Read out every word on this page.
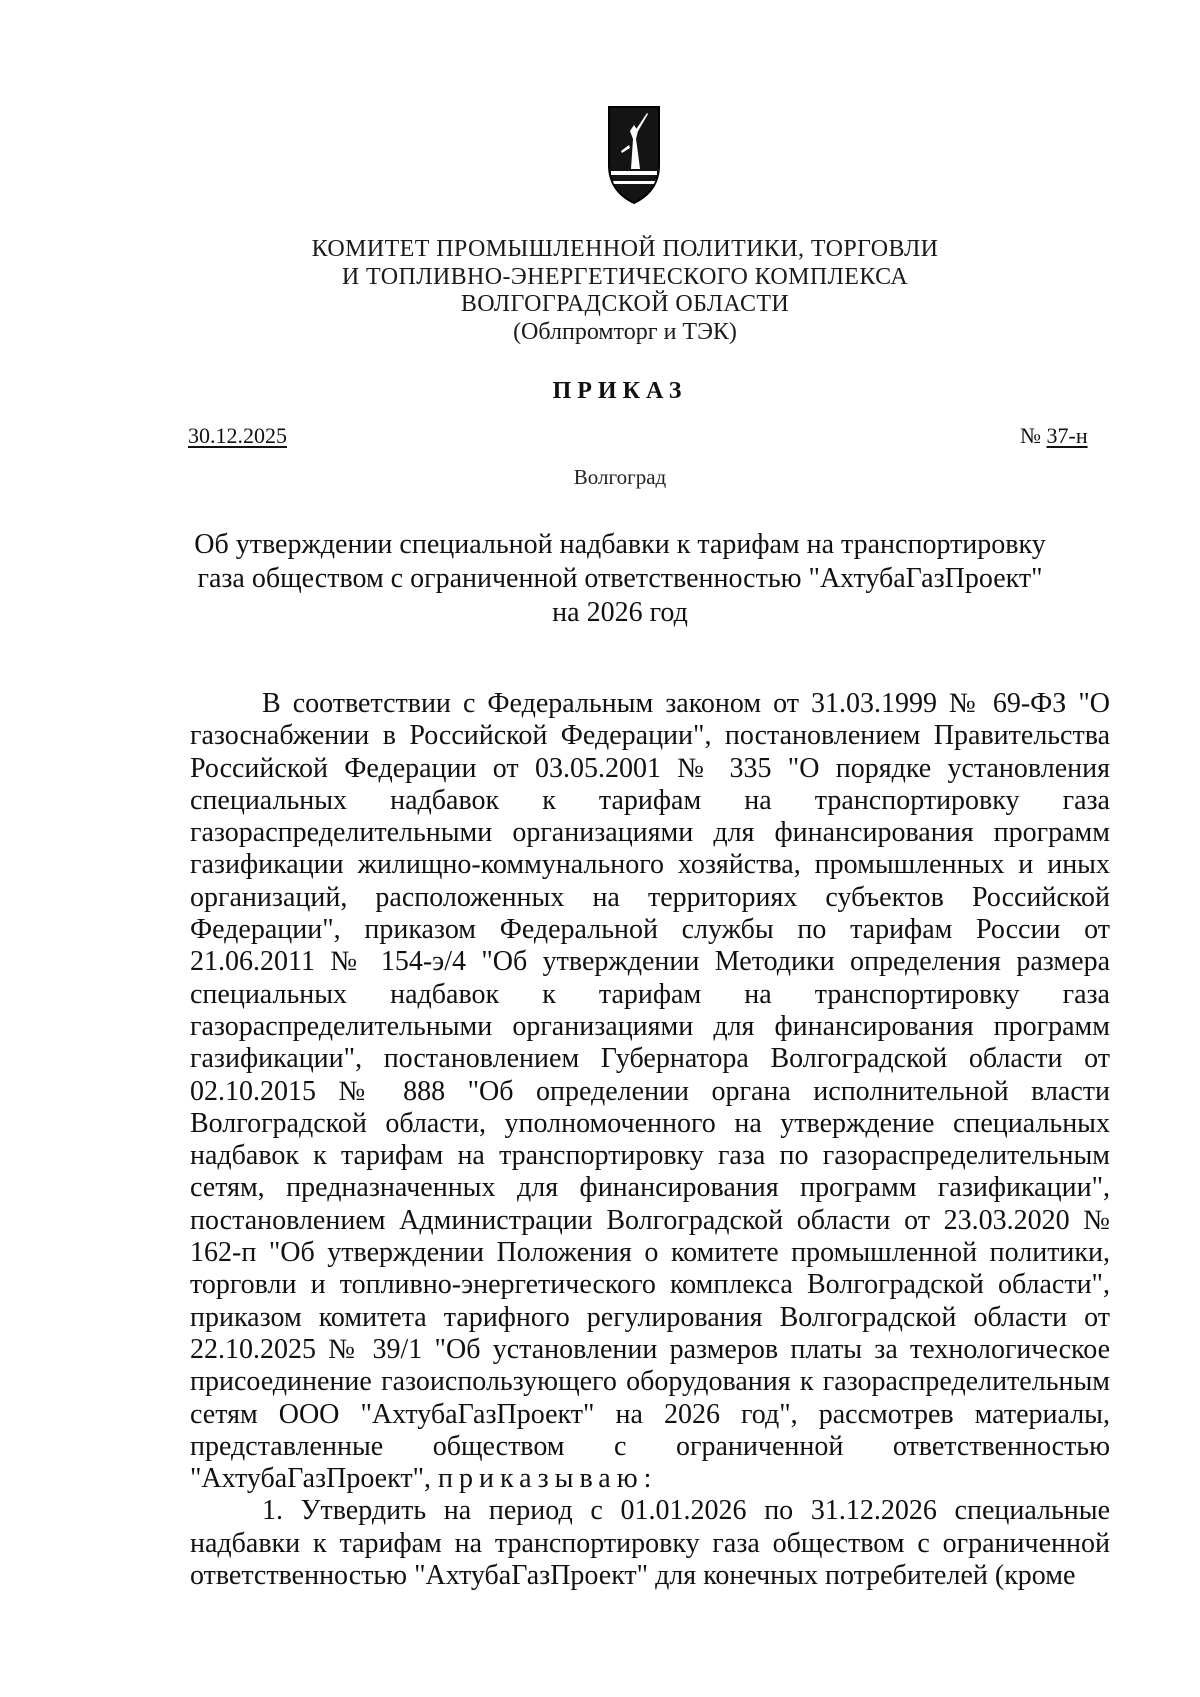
КОМИТЕТ ПРОМЫШЛЕННОЙ ПОЛИТИКИ, ТОРГОВЛИ
И ТОПЛИВНО-ЭНЕРГЕТИЧЕСКОГО КОМПЛЕКСА
ВОЛГОГРАДСКОЙ ОБЛАСТИ
(Облпромторг и ТЭК)
ПРИКАЗ
30.12.2025	№ 37-н
Волгоград
Об утверждении специальной надбавки к тарифам на транспортировку
газа обществом с ограниченной ответственностью "АхтубаГазПроект"
на 2026 год

В соответствии с Федеральным законом от 31.03.1999 № 69-ФЗ "О газоснабжении в Российской Федерации", постановлением Правительства Российской Федерации от 03.05.2001 № 335 "О порядке установления специальных надбавок к тарифам на транспортировку газа газораспределительными организациями для финансирования программ газификации жилищно-коммунального хозяйства, промышленных и иных организаций, расположенных на территориях субъектов Российской Федерации", приказом Федеральной службы по тарифам России от 21.06.2011 № 154-э/4 "Об утверждении Методики определения размера специальных надбавок к тарифам на транспортировку газа газораспределительными организациями для финансирования программ газификации", постановлением Губернатора Волгоградской области от 02.10.2015 № 888 "Об определении органа исполнительной власти Волгоградской области, уполномоченного на утверждение специальных надбавок к тарифам на транспортировку газа по газораспределительным сетям, предназначенных для финансирования программ газификации", постановлением Администрации Волгоградской области от 23.03.2020 № 162-п "Об утверждении Положения о комитете промышленной политики, торговли и топливно-энергетического комплекса Волгоградской области", приказом комитета тарифного регулирования Волгоградской области от 22.10.2025 № 39/1 "Об установлении размеров платы за технологическое присоединение газоиспользующего оборудования к газораспределительным сетям ООО "АхтубаГазПроект" на 2026 год", рассмотрев материалы, представленные обществом с ограниченной ответственностью "АхтубаГазПроект", приказываю:

1. Утвердить на период с 01.01.2026 по 31.12.2026 специальные надбавки к тарифам на транспортировку газа обществом с ограниченной ответственностью "АхтубаГазПроект" для конечных потребителей (кроме
